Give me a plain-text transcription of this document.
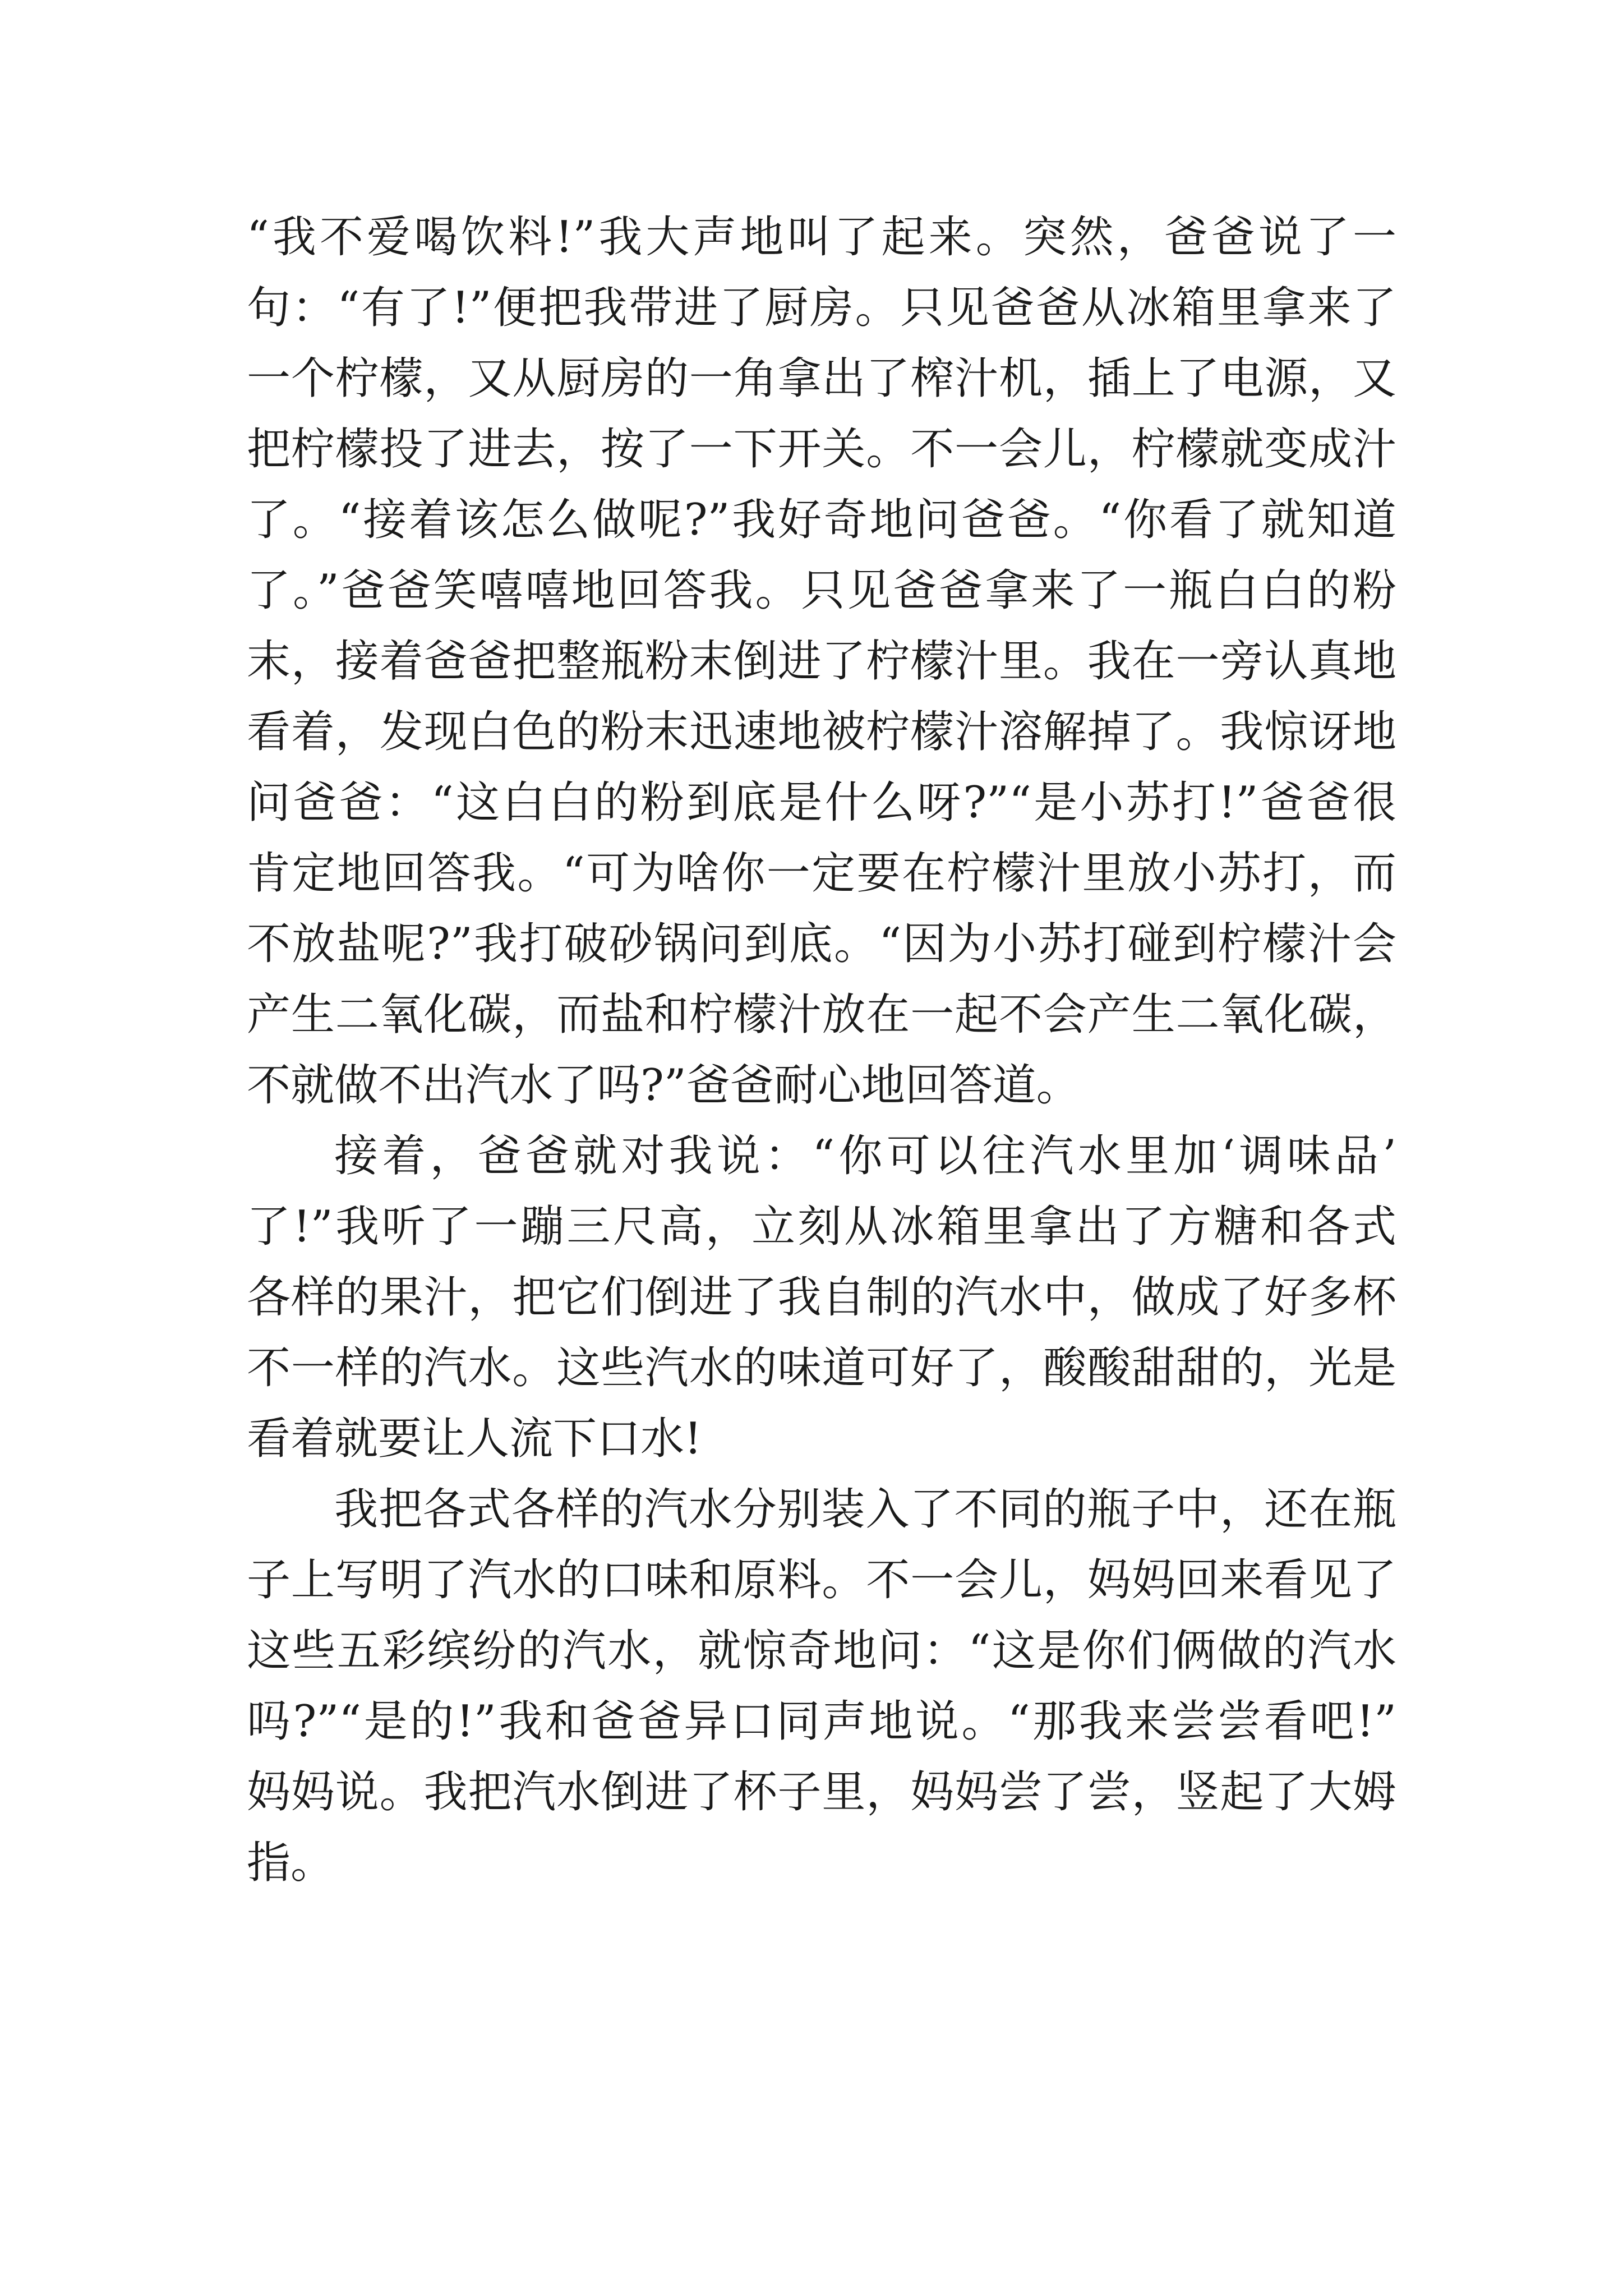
“我不爱喝饮料!”我大声地叫了起来。突然，爸爸说了一
句：“有了!”便把我带进了厨房。只见爸爸从冰箱里拿来了
一个柠檬，又从厨房的一角拿出了榨汁机，插上了电源，又
把柠檬投了进去，按了一下开关。不一会儿，柠檬就变成汁
了。“接着该怎么做呢?”我好奇地问爸爸。“你看了就知道
了。”爸爸笑嘻嘻地回答我。只见爸爸拿来了一瓶白白的粉
末，接着爸爸把整瓶粉末倒进了柠檬汁里。我在一旁认真地
看着，发现白色的粉末迅速地被柠檬汁溶解掉了。我惊讶地
问爸爸：“这白白的粉到底是什么呀?”“是小苏打!”爸爸很
肯定地回答我。“可为啥你一定要在柠檬汁里放小苏打，而
不放盐呢?”我打破砂锅问到底。“因为小苏打碰到柠檬汁会
产生二氧化碳，而盐和柠檬汁放在一起不会产生二氧化碳，
不就做不出汽水了吗?”爸爸耐心地回答道。
接着，爸爸就对我说：“你可以往汽水里加‘调味品’
了!”我听了一蹦三尺高，立刻从冰箱里拿出了方糖和各式
各样的果汁，把它们倒进了我自制的汽水中，做成了好多杯
不一样的汽水。这些汽水的味道可好了，酸酸甜甜的，光是
看着就要让人流下口水!
我把各式各样的汽水分别装入了不同的瓶子中，还在瓶
子上写明了汽水的口味和原料。不一会儿，妈妈回来看见了
这些五彩缤纷的汽水，就惊奇地问：“这是你们俩做的汽水
吗?”“是的!”我和爸爸异口同声地说。“那我来尝尝看吧!”
妈妈说。我把汽水倒进了杯子里，妈妈尝了尝，竖起了大姆
指。
